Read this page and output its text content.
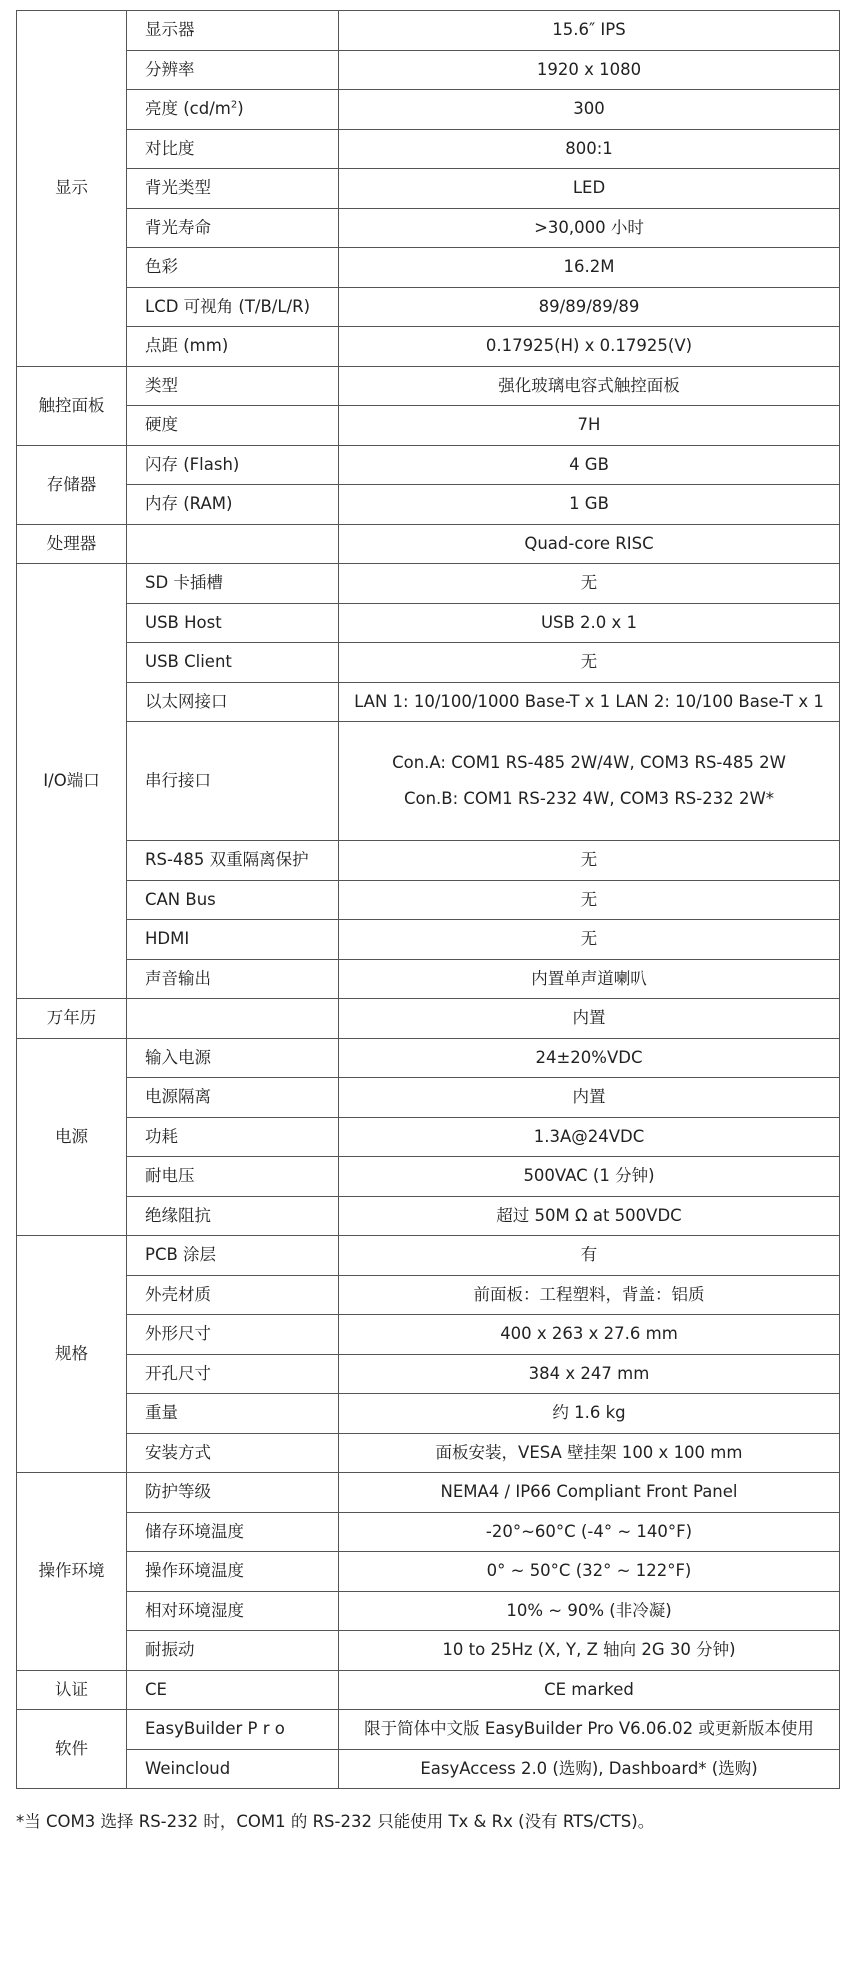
显示	显示器	15.6″ IPS
	分辨率	1920 x 1080
	亮度 $(cd/m^2)$	300
	对比度	800:1
	背光类型	LED
	背光寿命	>30,000 小时
	色彩	16.2M
	LCD 可视角 (T/B/L/R)	89/89/89/89
	点距 (mm)	0.17925(H) x 0.17925(V)
触控面板	类型	强化玻璃电容式触控面板
	硬度	7H
存储器	闪存 (Flash)	4 GB
	内存 (RAM)	1 GB
处理器		Quad-core RISC
I/O端口	SD 卡插槽	无
	USB Host	USB 2.0 x 1
	USB Client	无
	以太网接口	LAN 1: 10/100/1000 Base-T x 1 LAN 2: 10/100 Base-T x 1
	串行接口	Con.A: COM1 RS-485 2W/4W, COM3 RS-485 2W
Con.B: COM1 RS-232 4W, COM3 RS-232 2W*

	RS-485 双重隔离保护	无
	CAN Bus	无
	HDMI	无
	声音输出	内置单声道喇叭
万年历		内置
电源	输入电源	24±20%VDC
	电源隔离	内置
	功耗	1.3A@24VDC
	耐电压	500VAC (1 分钟)
	绝缘阻抗	超过 50M Ω at 500VDC
规格	PCB 涂层	有
	外壳材质	前面板：工程塑料，背盖：铝质
	外形尺寸	400 x 263 x 27.6 mm
	开孔尺寸	384 x 247 mm
	重量	约 1.6 kg
	安装方式	面板安装，VESA 壁挂架 100 x 100 mm
操作环境	防护等级	NEMA4 / IP66 Compliant Front Panel
	储存环境温度	-20°~60°C (-4° ~ 140°F)
	操作环境温度	0° ~ 50°C (32° ~ 122°F)
	相对环境湿度	10% ~ 90% (非冷凝)
	耐振动	10 to 25Hz (X, Y, Z 轴向 2G 30 分钟)
认证	CE	CE marked
软件	EasyBuilder P r o	限于简体中文版 EasyBuilder Pro V6.06.02 或更新版本使用
	Weincloud	EasyAccess 2.0 (选购), Dashboard* (选购)
*当 COM3 选择 RS-232 时，COM1 的 RS-232 只能使用 Tx & Rx (没有 RTS/CTS)。
